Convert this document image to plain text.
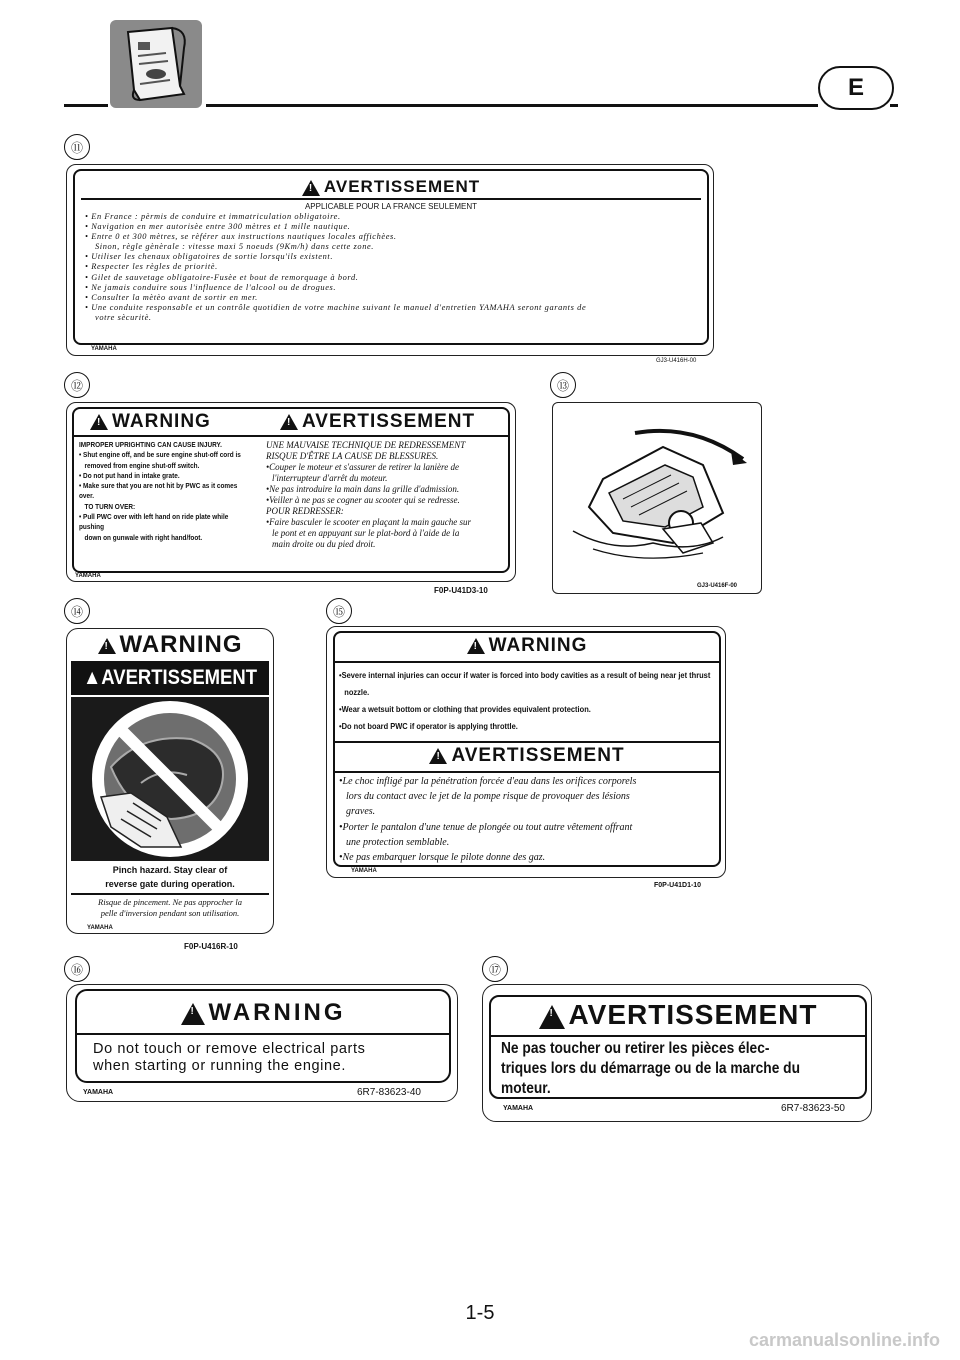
E
⑪
!AVERTISSEMENT
APPLICABLE POUR LA FRANCE SEULEMENT
• En France : pèrmis de conduire et immatriculation obligatoire.
• Navigation en mer autorisèe entre 300 mètres et 1 mille nautique.
• Entre 0 et 300 mètres, se rèférer aux instructions nautiques locales affichèes.
Sinon, règle gènèrale : vitesse maxi 5 noeuds (9Km/h) dans cette zone.
• Utiliser les chenaux obligatoires de sortie lorsqu'ils existent.
• Respecter les règles de prioritè.
• Gilet de sauvetage obligatoire-Fusèe et bout de remorquage à bord.
• Ne jamais conduire sous l'influence de l'alcool ou de drogues.
• Consulter la mètèo avant de sortir en mer.
• Une conduite responsable et un contrôle quotidien de votre machine suivant le manuel d'entretien YAMAHA seront garants de
votre sècuritè.
YAMAHA
GJ3-U416H-00
⑫
!WARNING
!	AVERTISSEMENT
IMPROPER UPRIGHTING CAN CAUSE INJURY.
• Shut engine off, and be sure engine shut-off cord is
removed from engine shut-off switch.
• Do not put hand in intake grate.
• Make sure that you are not hit by PWC as it comes over.
TO TURN OVER:
• Pull PWC over with left hand on ride plate while pushing
down on gunwale with right hand/foot.
UNE MAUVAISE TECHNIQUE DE REDRESSEMENT
RISQUE D'ÊTRE LA CAUSE DE BLESSURES.
•Couper le moteur et s'assurer de retirer la lanière de
l'interrupteur d'arrêt du moteur.
•Ne pas introduire la main dans la grille d'admission.
•Veiller à ne pas se cogner au scooter qui se redresse.
POUR REDRESSER:
•Faire basculer le scooter en plaçant la main gauche sur
le pont et en appuyant sur le plat-bord à l'aide de la
main droite ou du pied droit.
YAMAHA
F0P-U41D3-10
⑬
GJ3-U416F-00
⑭
!WARNING
▲AVERTISSEMENT
Pinch hazard. Stay clear of
reverse gate during operation.
Risque de pincement. Ne pas approcher la
pelle d'inversion pendant son utilisation.
YAMAHA
F0P-U416R-10
⑮
!WARNING
•Severe internal injuries can occur if water is forced into body cavities as a result of being near jet thrust
nozzle.
•Wear a wetsuit bottom or clothing that provides equivalent protection.
•Do not board PWC if operator is applying throttle.
!AVERTISSEMENT
•Le choc infligé par la pénétration forcée d'eau dans les orifices corporels
lors du contact avec le jet de la pompe risque de provoquer des lésions
graves.
•Porter le pantalon d'une tenue de plongée ou tout autre vêtement offrant
une protection semblable.
•Ne pas embarquer lorsque le pilote donne des gaz.
YAMAHA
F0P-U41D1-10
⑯
!WARNING
Do not touch or remove electrical parts
when starting or running the engine.
YAMAHA	6R7-83623-40
⑰
!AVERTISSEMENT
Ne pas toucher ou retirer les pièces élec-
triques lors du démarrage ou de la marche du
moteur.
YAMAHA	6R7-83623-50
1-5
carmanualsonline.info
